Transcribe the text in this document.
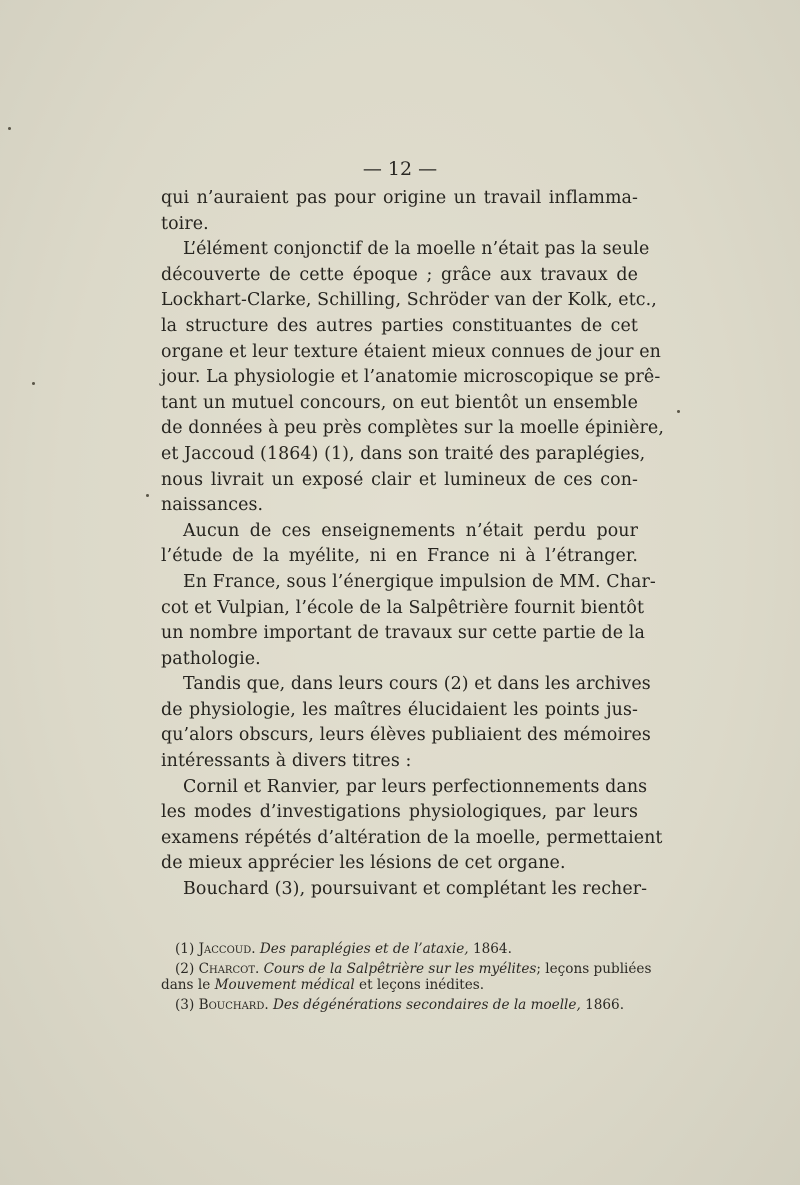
— 12 —
qui n’auraient pas pour origine un travail inflamma-
toire.
L’élément conjonctif de la moelle n’était pas la seule
découverte de cette époque ; grâce aux travaux de
Lockhart-Clarke, Schilling, Schröder van der Kolk, etc.,
la structure des autres parties constituantes de cet
organe et leur texture étaient mieux connues de jour en
jour. La physiologie et l’anatomie microscopique se prê-
tant un mutuel concours, on eut bientôt un ensemble
de données à peu près complètes sur la moelle épinière,
et Jaccoud (1864) (1), dans son traité des paraplégies,
nous livrait un exposé clair et lumineux de ces con-
naissances.
Aucun de ces enseignements n’était perdu pour
l’étude de la myélite, ni en France ni à l’étranger.
En France, sous l’énergique impulsion de MM. Char-
cot et Vulpian, l’école de la Salpêtrière fournit bientôt
un nombre important de travaux sur cette partie de la
pathologie.
Tandis que, dans leurs cours (2) et dans les archives
de physiologie, les maîtres élucidaient les points jus-
qu’alors obscurs, leurs élèves publiaient des mémoires
intéressants à divers titres :
Cornil et Ranvier, par leurs perfectionnements dans
les modes d’investigations physiologiques, par leurs
examens répétés d’altération de la moelle, permettaient
de mieux apprécier les lésions de cet organe.
Bouchard (3), poursuivant et complétant les recher-
(1) Jaccoud. Des paraplégies et de l’ataxie, 1864.
(2) Charcot. Cours de la Salpêtrière sur les myélites; leçons publiées
dans le Mouvement médical et leçons inédites.
(3) Bouchard. Des dégénérations secondaires de la moelle, 1866.
